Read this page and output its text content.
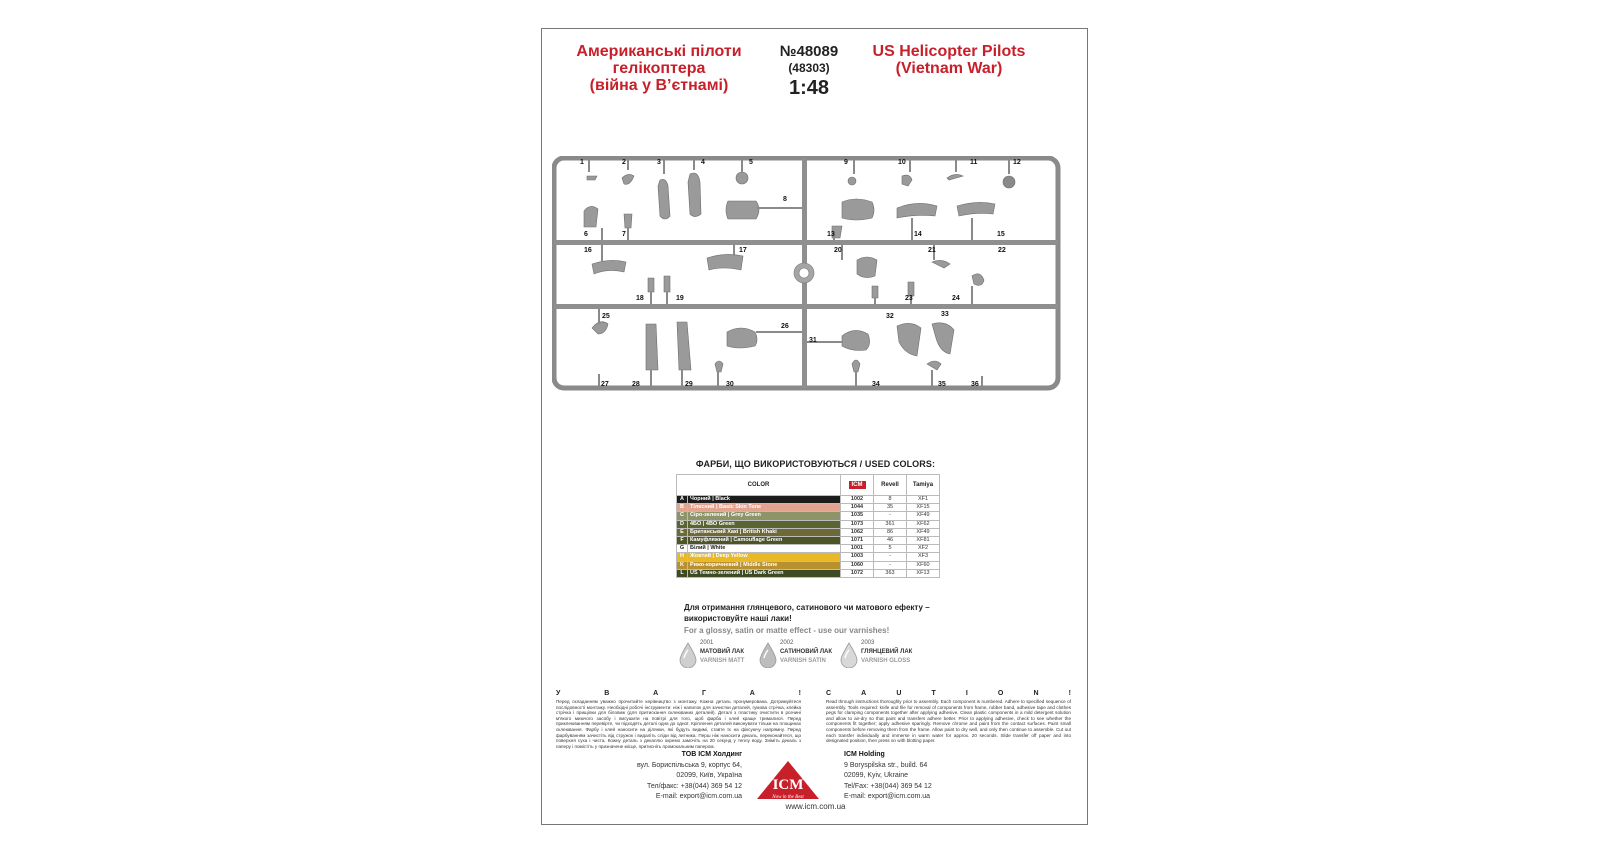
Американські пілоти
гелікоптера
(війна у В’єтнамі)
№48089
(48303)
1:48
US Helicopter Pilots
(Vietnam War)
1	2	3	4	5
6	7
8
9	10	11	12
13	14	15
16	17
18	19
20	21	22
23	24
25
26
27	28	29	30
31
32	33
34	35	36
ФАРБИ, ЩО ВИКОРИСТОВУЮТЬСЯ / USED COLORS:
COLOR		ICM	Revell	Tamiya
A	Чорний | Black	1002	8	XF1
B	Тілесний | Basic Skin Tone	1044	35	XF15
C	Сіро-зелений | Grey Green	1035	-	XF49
D	4БО | 4BO Green	1073	361	XF62
E	Британський Хакі | British Khaki	1062	86	XF49
F	Камуфляжний | Camouflage Green	1071	46	XF81
G	Білий | White	1001	5	XF2
H	Жовтий | Deep Yellow	1003	-	XF3
K	Рижо-коричневий | Middle Stone	1060	-	XF60
L	US Темно-зелений | US Dark Green	1072	363	XF13
Для отримання глянцевого, сатинового чи матового ефекту – використовуйте наші лаки!
For a glossy, satin or matte effect - use our varnishes!
2001
МАТОВИЙ ЛАК
VARNISH MATT
2002
САТИНОВИЙ ЛАК
VARNISH SATIN
2003
ГЛЯНЦЕВИЙ ЛАК
VARNISH GLOSS
У	В	А	Г	А	!
Перед складанням уважно прочитайте керівництво з монтажу. Кожна деталь пронумерована. Дотримуйтеся послідовності монтажу. Необхідні робочі інструменти: ніж і напилок для зачистки деталей, гумова стрічка, клейка стрічка і прищіпки для біловиж (для притискання склеюваних деталей). Деталі з пластику очистити в розчині м'якого миючого засобу і висушити на повітрі для того, щоб фарба і клей краще трималися. Перед приклеюванням перевірте, чи підходять деталі одна до одної. Кріплення деталей виконувати тільки на площинах склеювання. Фарбу і клей наносити на ділянки, які будуть видимі, ставте їх на фіксуючу напрямну. Перед фарбуванням зачистіть від стружок і видаліть сліди від литника. Перш ніж наносити декаль, переконайтеся, що поверхня суха і чиста. Кожну деталь з декаллю окремо замочіть на 20 секунд у теплу воду. Зніміть декаль з паперу і помістіть у призначене місце, притисніть промокальним папером.
C	A	U	T	I	O	N	!
Read through instructions thoroughly prior to assembly. Each component is numbered. Adhere to specified sequence of assembly. Tools required: knife and file for removal of components from frame, rubber band, adhesive tape and clothes pegs for clamping components together after applying adhesive. Clean plastic components in a mild detergent solution and allow to air-dry so that paint and transfers adhere better. Prior to applying adhesive, check to see whether the components fit together; apply adhesive sparingly. Remove chrome and paint from the contact surfaces. Paint small components before removing them from the frame. Allow paint to dry well, and only then continue to assemble. Cut out each transfer individually and immerse in warm water for approx. 20 seconds. Slide transfer off paper and into designated position, then press on with blotting paper.
ТОВ ICM Холдинг
вул. Бориспільська 9, корпус 64,
02099, Київ, Україна
Тел/факс: +38(044) 369 54 12
E-mail: export@icm.com.ua
ICM
Now in the Best
ICM Holding
9 Boryspilska str., build. 64
02099, Kyiv, Ukraine
Tel/Fax: +38(044) 369 54 12
E-mail: export@icm.com.ua
www.icm.com.ua
